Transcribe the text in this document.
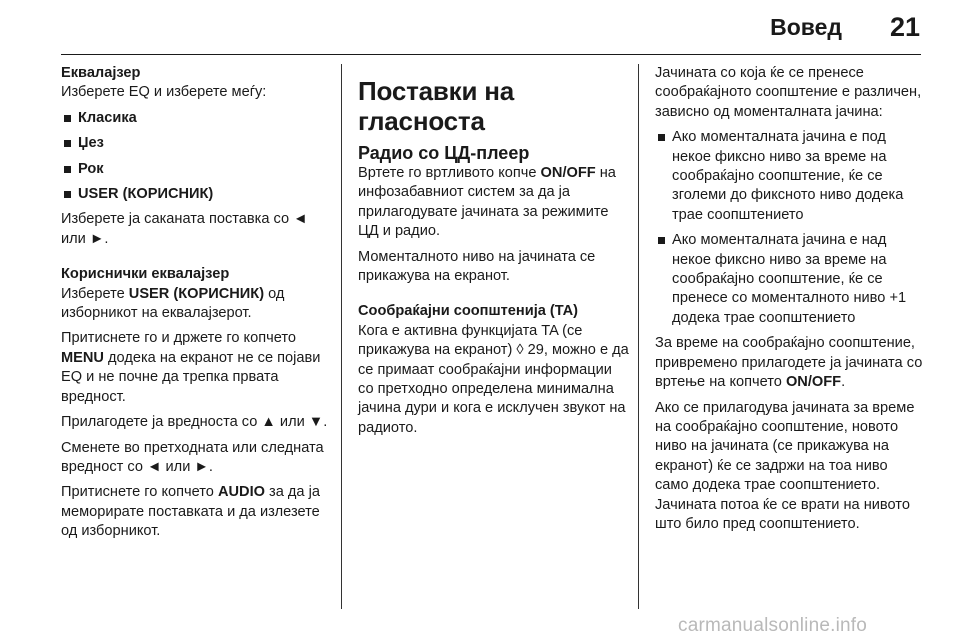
Вовед	21

Еквалајзер

Изберете EQ и изберете меѓу:

Класика
Џез
Рок
USER (КОРИСНИК)

Изберете ја саканата поставка со ◄ или ►.

Кориснички еквалајзер

Изберете USER (КОРИСНИК) од изборникот на еквалајзерот.

Притиснете го и држете го копчето MENU додека на екранот не се појави EQ и не почне да трепка првата вредност.

Прилагодете ја вредноста со ▲ или ▼.

Сменете во претходната или следната вредност со ◄ или ►.

Притиснете го копчето AUDIO за да ја меморирате поставката и да излезете од изборникот.

Поставки на гласноста
Радио со ЦД-плеер

Вртете го вртливото копче ON/OFF на инфозабавниот систем за да ја прилагодувате јачината за режимите ЦД и радио.

Моменталното ниво на јачината се прикажува на екранот.

Сообраќајни соопштенија (TA)

Кога е активна функцијата TA (се прикажува на екранот) ◊ 29, можно е да се примаат сообраќајни информации со претходно определена минимална јачина дури и кога е исклучен звукот на радиото.

Јачината со која ќе се пренесе сообраќајното соопштение е различен, зависно од моменталната јачина:

Ако моменталната јачина е под некое фиксно ниво за време на сообраќајно соопштение, ќе се зголеми до фиксното ниво додека трае соопштението
Ако моменталната јачина е над некое фиксно ниво за време на сообраќајно соопштение, ќе се пренесе со моменталното ниво +1 додека трае соопштението

За време на сообраќајно соопштение, привремено прилагодете ја јачината со вртење на копчето ON/OFF.

Ако се прилагодува јачината за време на сообраќајно соопштение, новото ниво на јачината (се прикажува на екранот) ќе се задржи на тоа ниво само додека трае соопштението. Јачината потоа ќе се врати на нивото што било пред соопштението.

carmanualsonline.info
